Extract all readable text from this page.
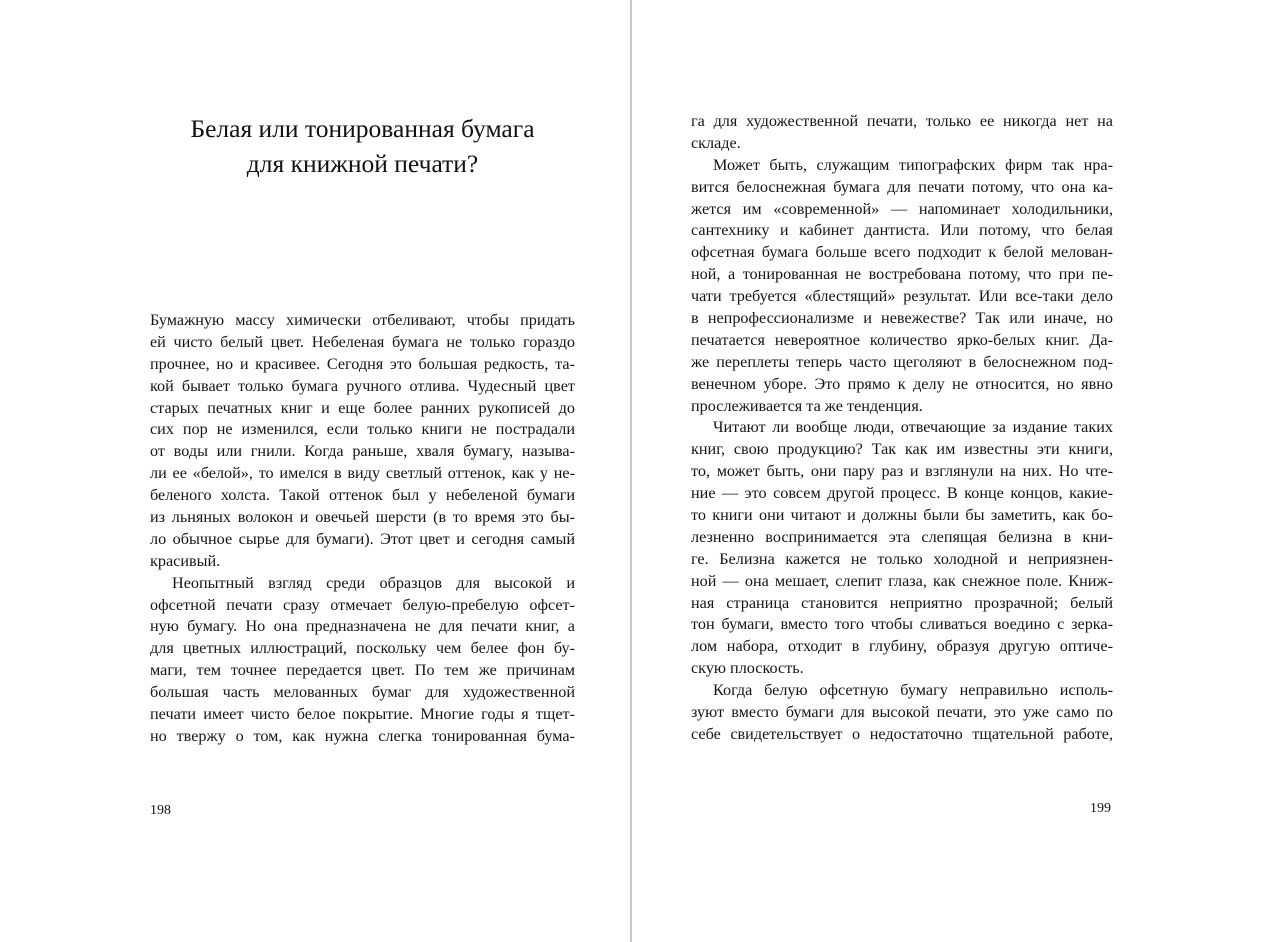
Белая или тонированная бумага
для книжной печати?
Бумажную массу химически отбеливают, чтобы придать
ей чисто белый цвет. Небеленая бумага не только гораздо
прочнее, но и красивее. Сегодня это большая редкость, та-
кой бывает только бумага ручного отлива. Чудесный цвет
старых печатных книг и еще более ранних рукописей до
сих пор не изменился, если только книги не пострадали
от воды или гнили. Когда раньше, хваля бумагу, называ-
ли ее «белой», то имелся в виду светлый оттенок, как у не-
беленого холста. Такой оттенок был у небеленой бумаги
из льняных волокон и овечьей шерсти (в то время это бы-
ло обычное сырье для бумаги). Этот цвет и сегодня самый
красивый.
Неопытный взгляд среди образцов для высокой и
офсетной печати сразу отмечает белую-пребелую офсет-
ную бумагу. Но она предназначена не для печати книг, а
для цветных иллюстраций, поскольку чем белее фон бу-
маги, тем точнее передается цвет. По тем же причинам
большая часть мелованных бумаг для художественной
печати имеет чисто белое покрытие. Многие годы я тщет-
но твержу о том, как нужна слегка тонированная бума-
198
га для художественной печати, только ее никогда нет на
складе.
Может быть, служащим типографских фирм так нра-
вится белоснежная бумага для печати потому, что она ка-
жется им «современной» — напоминает холодильники,
сантехнику и кабинет дантиста. Или потому, что белая
офсетная бумага больше всего подходит к белой мелован-
ной, а тонированная не востребована потому, что при пе-
чати требуется «блестящий» результат. Или все-таки дело
в непрофессионализме и невежестве? Так или иначе, но
печатается невероятное количество ярко-белых книг. Да-
же переплеты теперь часто щеголяют в белоснежном под-
венечном уборе. Это прямо к делу не относится, но явно
прослеживается та же тенденция.
Читают ли вообще люди, отвечающие за издание таких
книг, свою продукцию? Так как им известны эти книги,
то, может быть, они пару раз и взглянули на них. Но чте-
ние — это совсем другой процесс. В конце концов, какие-
то книги они читают и должны были бы заметить, как бо-
лезненно воспринимается эта слепящая белизна в кни-
ге. Белизна кажется не только холодной и неприязнен-
ной — она мешает, слепит глаза, как снежное поле. Книж-
ная страница становится неприятно прозрачной; белый
тон бумаги, вместо того чтобы сливаться воедино с зерка-
лом набора, отходит в глубину, образуя другую оптиче-
скую плоскость.
Когда белую офсетную бумагу неправильно исполь-
зуют вместо бумаги для высокой печати, это уже само по
себе свидетельствует о недостаточно тщательной работе,
199
